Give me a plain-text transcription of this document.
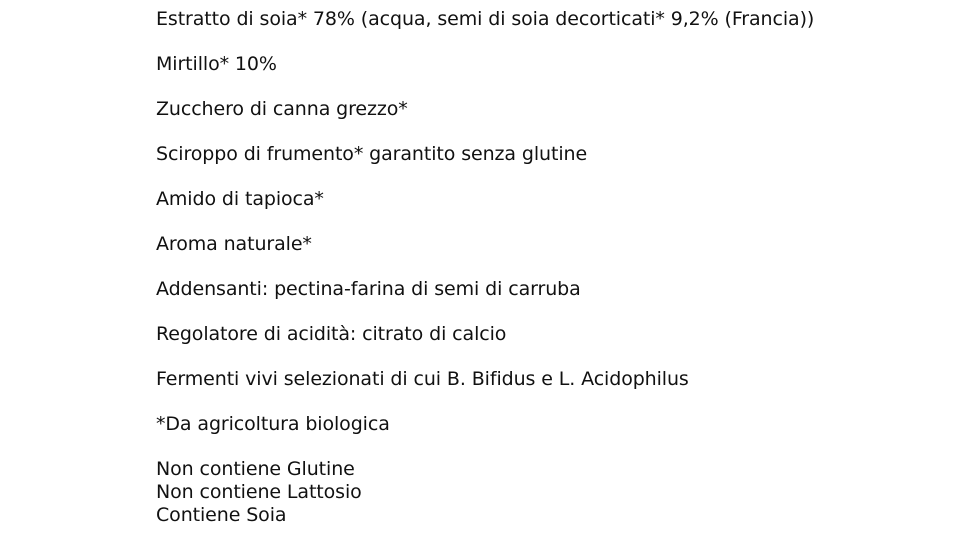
Estratto di soia* 78% (acqua, semi di soia decorticati* 9,2% (Francia))
Mirtillo* 10%
Zucchero di canna grezzo*
Sciroppo di frumento* garantito senza glutine
Amido di tapioca*
Aroma naturale*
Addensanti: pectina-farina di semi di carruba
Regolatore di acidità: citrato di calcio
Fermenti vivi selezionati di cui B. Bifidus e L. Acidophilus
*Da agricoltura biologica
Non contiene Glutine
Non contiene Lattosio
Contiene Soia
